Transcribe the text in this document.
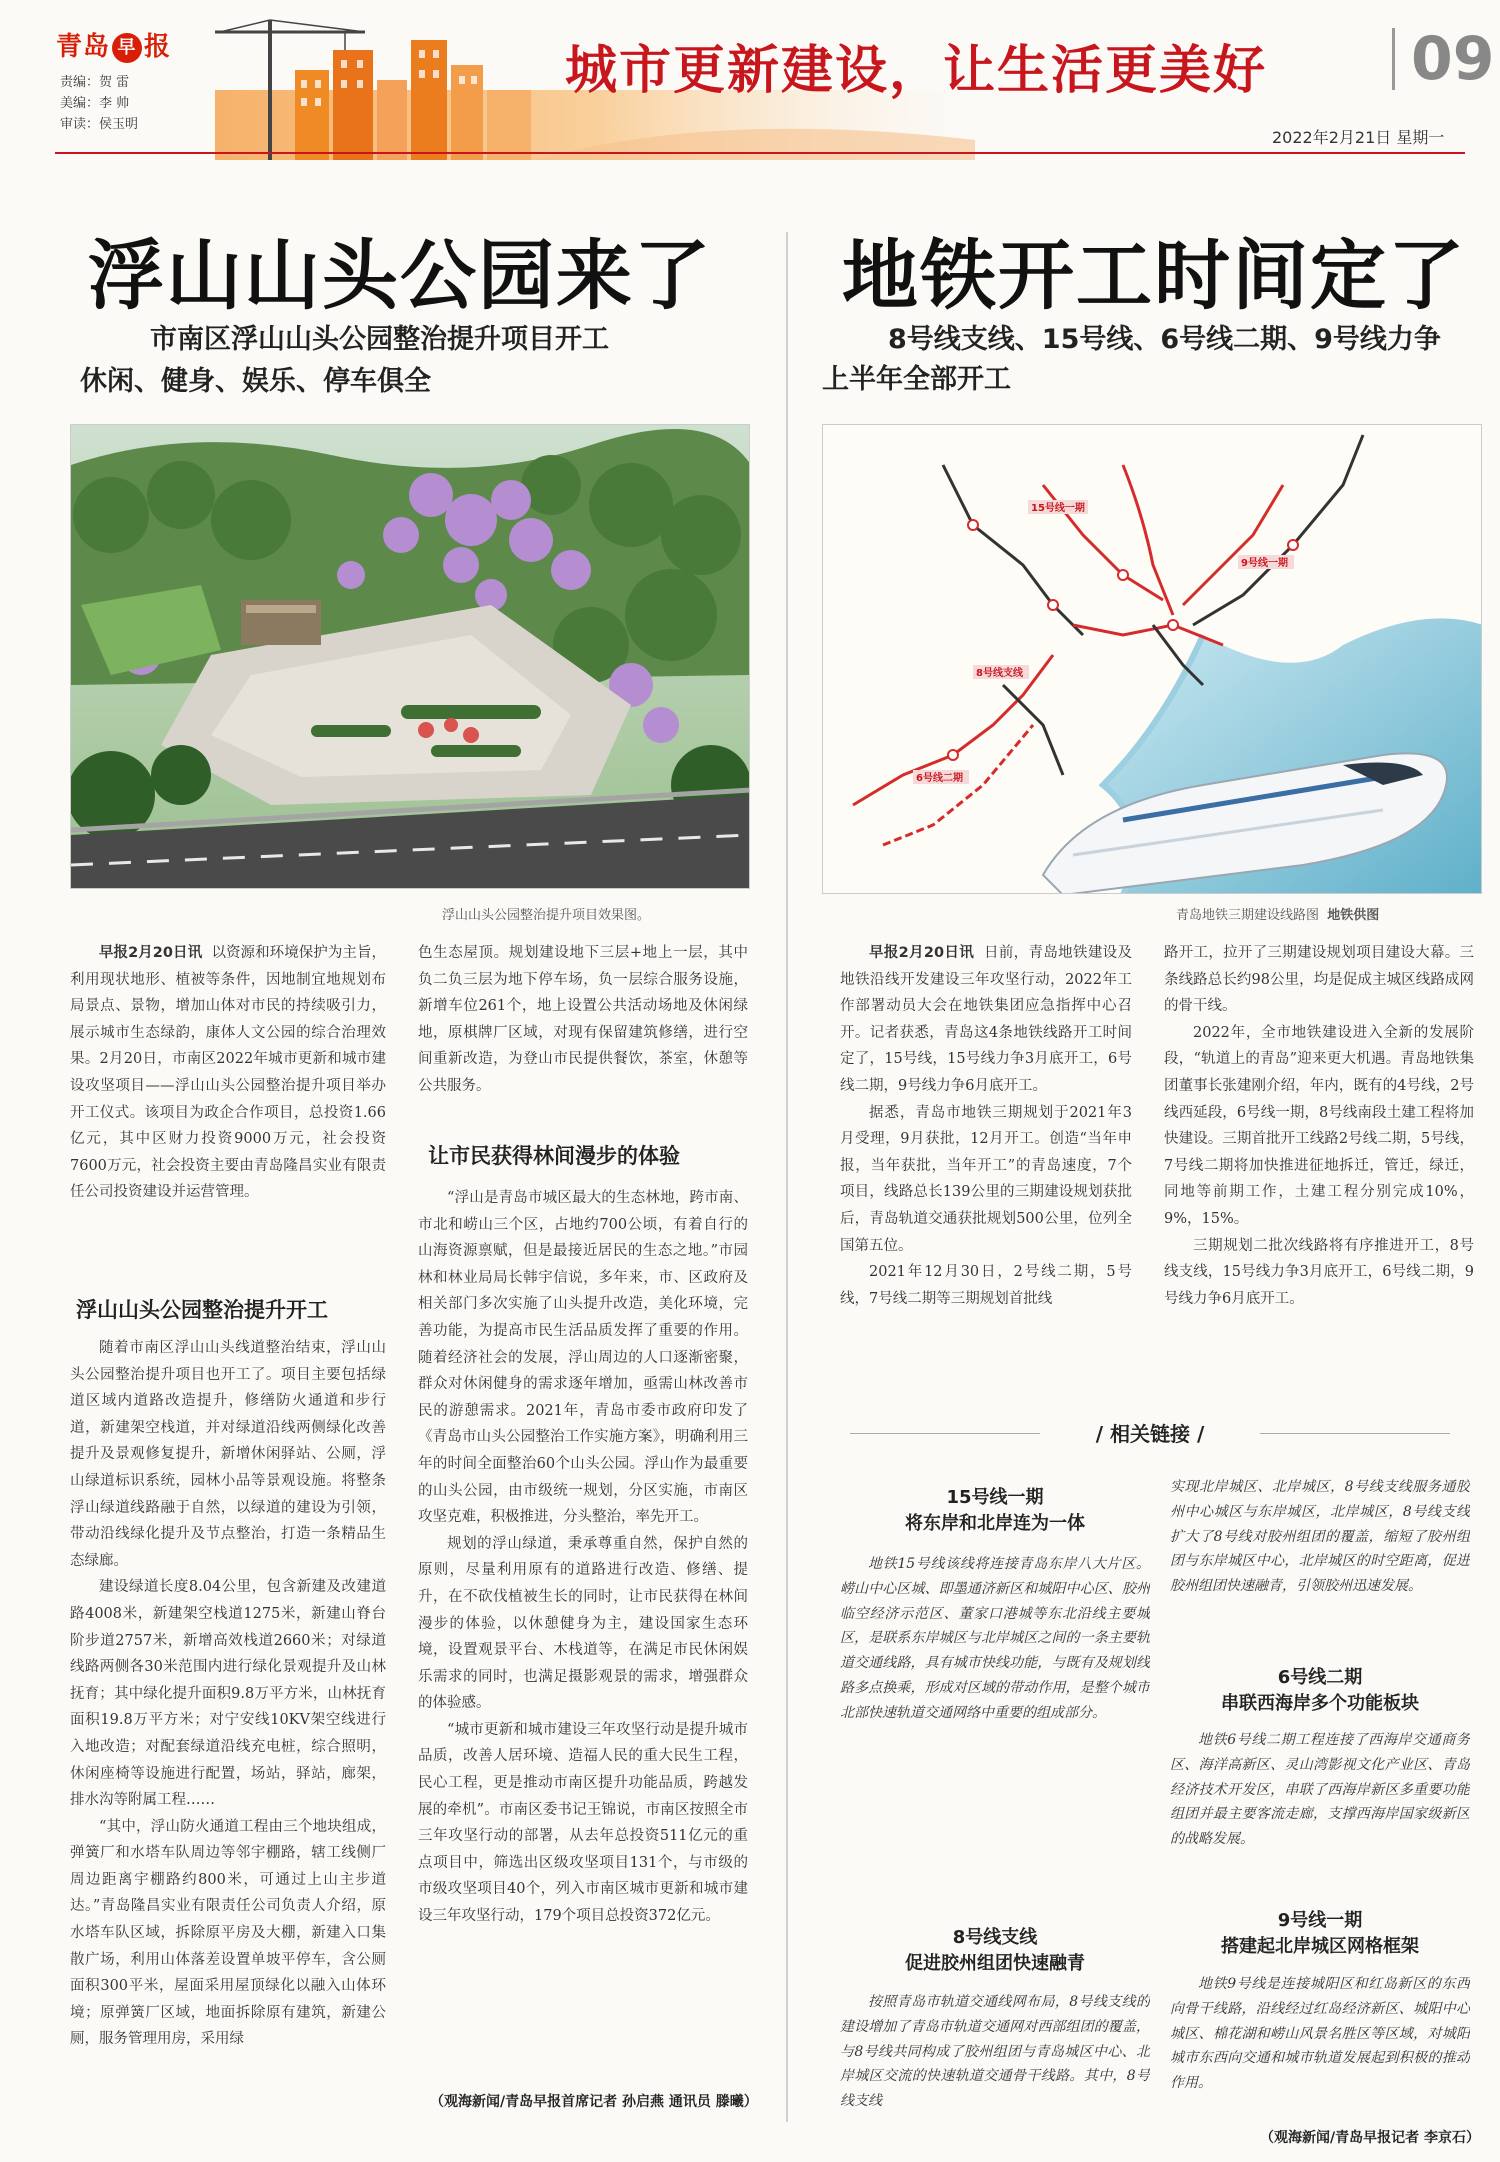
青岛 早 报
责编：贺 雷
美编：李 帅
审读：侯玉明
城市更新建设，让生活更美好	09
2022年2月21日 星期一
浮山山头公园来了
市南区浮山山头公园整治提升项目开工
休闲、健身、娱乐、停车俱全
浮山山头公园整治提升项目效果图。

早报2月20日讯 以资源和环境保护为主旨，利用现状地形、植被等条件，因地制宜地规划布局景点、景物，增加山体对市民的持续吸引力，展示城市生态绿韵，康体人文公园的综合治理效果。2月20日，市南区2022年城市更新和城市建设攻坚项目——浮山山头公园整治提升项目举办开工仪式。该项目为政企合作项目，总投资1.66亿元，其中区财力投资9000万元，社会投资7600万元，社会投资主要由青岛隆昌实业有限责任公司投资建设并运营管理。

浮山山头公园整治提升开工

随着市南区浮山山头线道整治结束，浮山山头公园整治提升项目也开工了。项目主要包括绿道区域内道路改造提升，修缮防火通道和步行道，新建架空栈道，并对绿道沿线两侧绿化改善提升及景观修复提升，新增休闲驿站、公厕，浮山绿道标识系统，园林小品等景观设施。将整条浮山绿道线路融于自然，以绿道的建设为引领，带动沿线绿化提升及节点整治，打造一条精品生态绿廊。

建设绿道长度8.04公里，包含新建及改建道路4008米，新建架空栈道1275米，新建山脊台阶步道2757米，新增高效栈道2660米；对绿道线路两侧各30米范围内进行绿化景观提升及山林抚育；其中绿化提升面积9.8万平方米，山林抚育面积19.8万平方米；对宁安线10KV架空线进行入地改造；对配套绿道沿线充电桩，综合照明，休闲座椅等设施进行配置，场站，驿站，廊架，排水沟等附属工程……

“其中，浮山防火通道工程由三个地块组成，弹簧厂和水塔车队周边等邻宇棚路，辖工线侧厂周边距离宇棚路约800米，可通过上山主步道达。”青岛隆昌实业有限责任公司负责人介绍，原水塔车队区域，拆除原平房及大棚，新建入口集散广场，利用山体落差设置单坡平停车，含公厕面积300平米，屋面采用屋顶绿化以融入山体环境；原弹簧厂区域，地面拆除原有建筑，新建公厕，服务管理用房，采用绿

色生态屋顶。规划建设地下三层+地上一层，其中负二负三层为地下停车场，负一层综合服务设施，新增车位261个，地上设置公共活动场地及休闲绿地，原棋牌厂区域，对现有保留建筑修缮，进行空间重新改造，为登山市民提供餐饮，茶室，休憩等公共服务。

让市民获得林间漫步的体验

“浮山是青岛市城区最大的生态林地，跨市南、市北和崂山三个区，占地约700公顷，有着自行的山海资源禀赋，但是最接近居民的生态之地。”市园林和林业局局长韩宇信说，多年来，市、区政府及相关部门多次实施了山头提升改造，美化环境，完善功能，为提高市民生活品质发挥了重要的作用。随着经济社会的发展，浮山周边的人口逐渐密聚，群众对休闲健身的需求逐年增加，亟需山林改善市民的游憩需求。2021年，青岛市委市政府印发了《青岛市山头公园整治工作实施方案》，明确利用三年的时间全面整治60个山头公园。浮山作为最重要的山头公园，由市级统一规划，分区实施，市南区攻坚克难，积极推进，分头整治，率先开工。

规划的浮山绿道，秉承尊重自然，保护自然的原则，尽量利用原有的道路进行改造、修缮、提升，在不砍伐植被生长的同时，让市民获得在林间漫步的体验，以休憩健身为主，建设国家生态环境，设置观景平台、木栈道等，在满足市民休闲娱乐需求的同时，也满足摄影观景的需求，增强群众的体验感。

“城市更新和城市建设三年攻坚行动是提升城市品质，改善人居环境、造福人民的重大民生工程，民心工程，更是推动市南区提升功能品质，跨越发展的牵机”。市南区委书记王锦说，市南区按照全市三年攻坚行动的部署，从去年总投资511亿元的重点项目中，筛选出区级攻坚项目131个，与市级的市级攻坚项目40个，列入市南区城市更新和城市建设三年攻坚行动，179个项目总投资372亿元。

（观海新闻/青岛早报首席记者 孙启燕 通讯员 滕曦）
地铁开工时间定了
8号线支线、15号线、6号线二期、9号线力争
上半年全部开工
15号线一期
8号线支线
6号线二期
9号线一期
青岛地铁三期建设线路图 地铁供图

早报2月20日讯 日前，青岛地铁建设及地铁沿线开发建设三年攻坚行动，2022年工作部署动员大会在地铁集团应急指挥中心召开。记者获悉，青岛这4条地铁线路开工时间定了，15号线，15号线力争3月底开工，6号线二期，9号线力争6月底开工。

据悉，青岛市地铁三期规划于2021年3月受理，9月获批，12月开工。创造“当年申报，当年获批，当年开工”的青岛速度，7个项目，线路总长139公里的三期建设规划获批后，青岛轨道交通获批规划500公里，位列全国第五位。

2021年12月30日，2号线二期，5号线，7号线二期等三期规划首批线

路开工，拉开了三期建设规划项目建设大幕。三条线路总长约98公里，均是促成主城区线路成网的骨干线。

2022年，全市地铁建设进入全新的发展阶段，“轨道上的青岛”迎来更大机遇。青岛地铁集团董事长张建刚介绍，年内，既有的4号线，2号线西延段，6号线一期，8号线南段土建工程将加快建设。三期首批开工线路2号线二期，5号线，7号线二期将加快推进征地拆迁，管迁，绿迁，同地等前期工作，土建工程分别完成10%，9%，15%。

三期规划二批次线路将有序推进开工，8号线支线，15号线力争3月底开工，6号线二期，9号线力争6月底开工。

/ 相关链接 /
15号线一期
将东岸和北岸连为一体

地铁15号线该线将连接青岛东岸八大片区。崂山中心区城、即墨通济新区和城阳中心区、胶州临空经济示范区、董家口港城等东北沿线主要城区，是联系东岸城区与北岸城区之间的一条主要轨道交通线路，具有城市快线功能，与既有及规划线路多点换乘，形成对区域的带动作用，是整个城市北部快速轨道交通网络中重要的组成部分。

8号线支线
促进胶州组团快速融青

按照青岛市轨道交通线网布局，8号线支线的建设增加了青岛市轨道交通网对西部组团的覆盖，与8号线共同构成了胶州组团与青岛城区中心、北岸城区交流的快速轨道交通骨干线路。其中，8号线支线

实现北岸城区、北岸城区，8号线支线服务通胶州中心城区与东岸城区，北岸城区，8号线支线扩大了8号线对胶州组团的覆盖，缩短了胶州组团与东岸城区中心，北岸城区的时空距离，促进胶州组团快速融青，引领胶州迅速发展。

6号线二期
串联西海岸多个功能板块

地铁6号线二期工程连接了西海岸交通商务区、海洋高新区、灵山湾影视文化产业区、青岛经济技术开发区，串联了西海岸新区多重要功能组团并最主要客流走廊，支撑西海岸国家级新区的战略发展。

9号线一期
搭建起北岸城区网格框架

地铁9号线是连接城阳区和红岛新区的东西向骨干线路，沿线经过红岛经济新区、城阳中心城区、棉花湖和崂山风景名胜区等区域，对城阳城市东西向交通和城市轨道发展起到积极的推动作用。

（观海新闻/青岛早报记者 李京石）
